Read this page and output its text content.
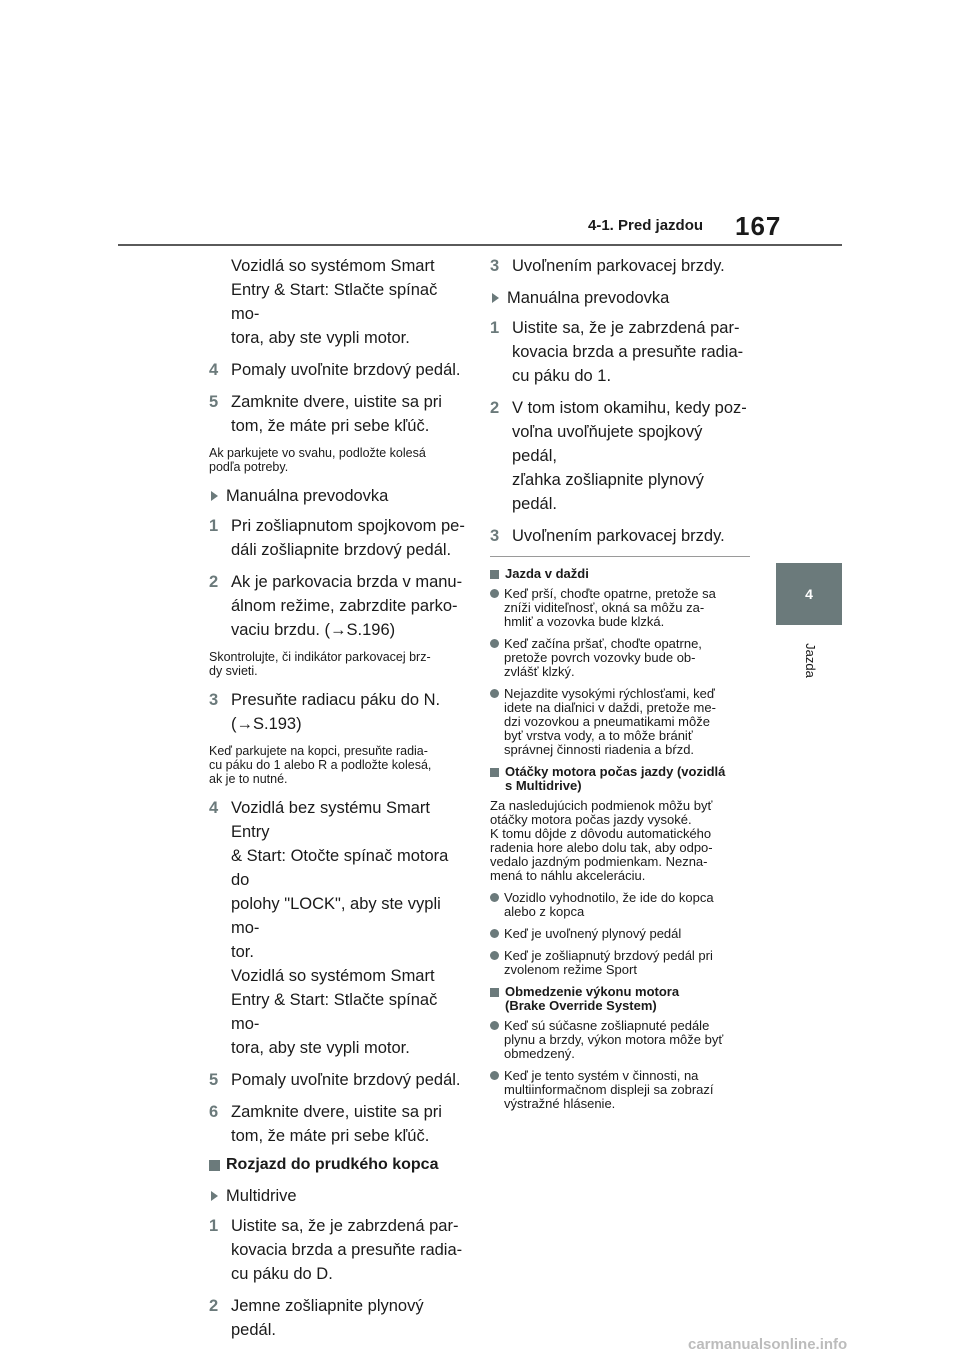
4-1. Pred jazdou 167
4
Jazda
Vozidlá so systémom Smart
Entry & Start: Stlačte spínač mo-
tora, aby ste vypli motor.
4 Pomaly uvoľnite brzdový pedál.
5 Zamknite dvere, uistite sa pri

tom, že máte pri sebe kľúč.

Ak parkujete vo svahu, podložte kolesá
podľa potreby.
Manuálna prevodovka
1 Pri zošliapnutom spojkovom pe-

dáli zošliapnite brzdový pedál.

2 Ak je parkovacia brzda v manu-

álnom režime, zabrzdite parko-

vaciu brzdu. (→S.196)

Skontrolujte, či indikátor parkovacej brz-
dy svieti.
3 Presuňte radiacu páku do N.

(→S.193)

Keď parkujete na kopci, presuňte radia-
cu páku do 1 alebo R a podložte kolesá,
ak je to nutné.
4 Vozidlá bez systému Smart Entry

& Start: Otočte spínač motora do

polohy "LOCK", aby ste vypli mo-

tor.

Vozidlá so systémom Smart

Entry & Start: Stlačte spínač mo-

tora, aby ste vypli motor.

5 Pomaly uvoľnite brzdový pedál.
6 Zamknite dvere, uistite sa pri

tom, že máte pri sebe kľúč.

Rozjazd do prudkého kopca
Multidrive
1 Uistite sa, že je zabrzdená par-

kovacia brzda a presuňte radia-

cu páku do D.

2 Jemne zošliapnite plynový pedál.
3 Uvoľnením parkovacej brzdy.
Manuálna prevodovka
1 Uistite sa, že je zabrzdená par-

kovacia brzda a presuňte radia-

cu páku do 1.

2 V tom istom okamihu, kedy poz-

voľna uvoľňujete spojkový pedál,

zľahka zošliapnite plynový pedál.

3 Uvoľnením parkovacej brzdy.
Jazda v daždi
Keď prší, choďte opatrne, pretože sa
zníži viditeľnosť, okná sa môžu za-
hmliť a vozovka bude klzká.
Keď začína pršať, choďte opatrne,
pretože povrch vozovky bude ob-
zvlášť klzký.
Nejazdite vysokými rýchlosťami, keď
idete na diaľnici v daždi, pretože me-
dzi vozovkou a pneumatikami môže
byť vrstva vody, a to môže brániť
správnej činnosti riadenia a bŕzd.
Otáčky motora počas jazdy (vozidlá
s Multidrive)

Za nasledujúcich podmienok môžu byť

otáčky motora počas jazdy vysoké.

K tomu dôjde z dôvodu automatického

radenia hore alebo dolu tak, aby odpo-

vedalo jazdným podmienkam. Nezna-

mená to náhlu akceleráciu.

Vozidlo vyhodnotilo, že ide do kopca
alebo z kopca
Keď je uvoľnený plynový pedál
Keď je zošliapnutý brzdový pedál pri
zvolenom režime Sport
Obmedzenie výkonu motora
(Brake Override System)
Keď sú súčasne zošliapnuté pedále
plynu a brzdy, výkon motora môže byť
obmedzený.
Keď je tento systém v činnosti, na
multiinformačnom displeji sa zobrazí
výstražné hlásenie.
carmanualsonline.info
